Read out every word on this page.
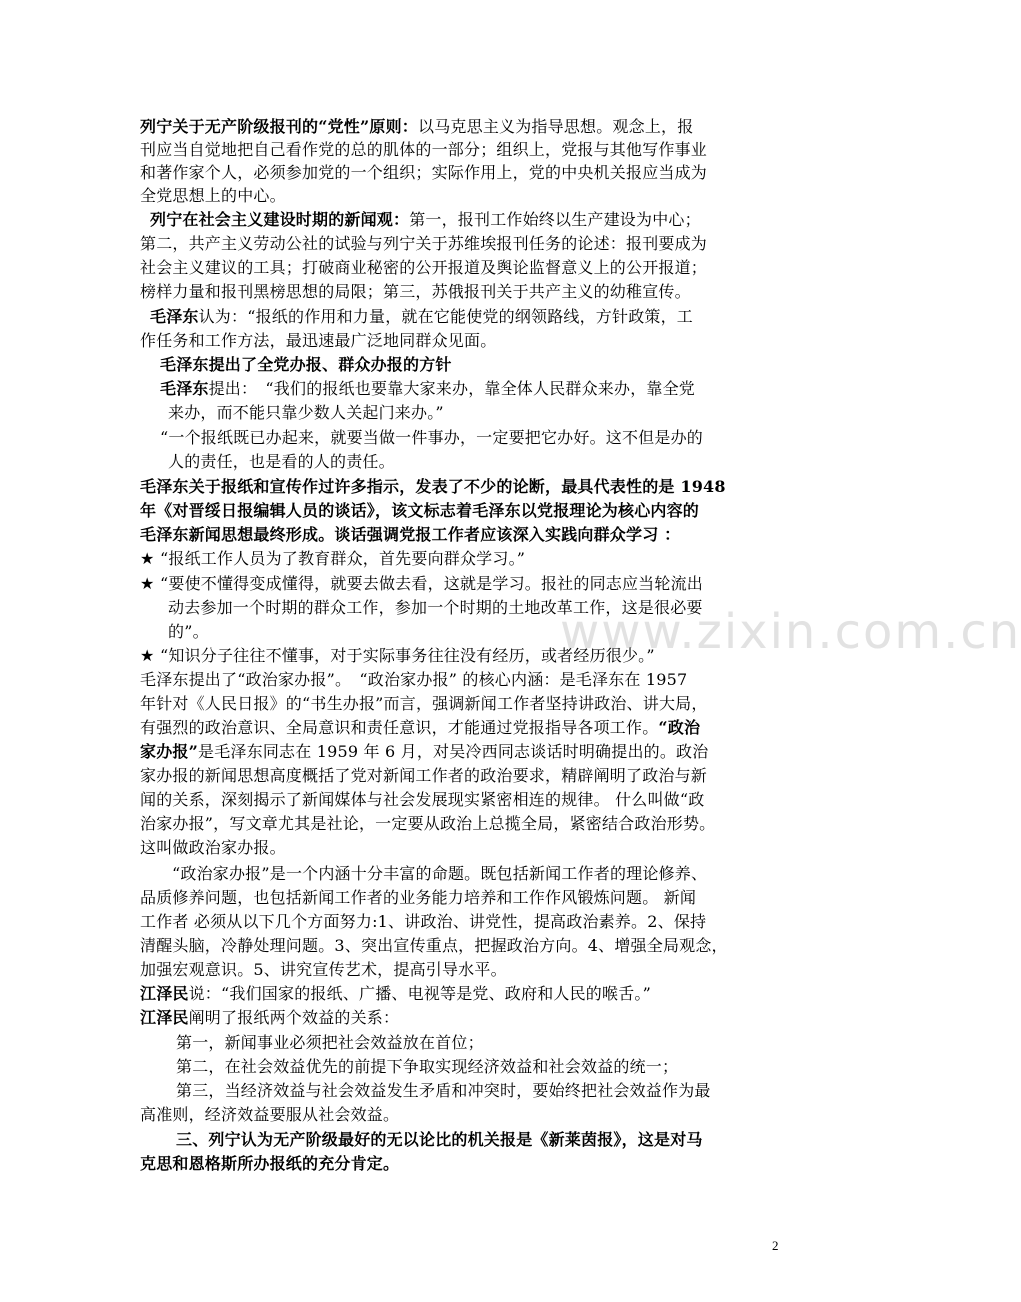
www.zixin.com.cn
列宁关于无产阶级报刊的“党性”原则：以马克思主义为指导思想。观念上，报
刊应当自觉地把自己看作党的总的肌体的一部分；组织上，党报与其他写作事业
和著作家个人，必须参加党的一个组织；实际作用上，党的中央机关报应当成为
全党思想上的中心。
列宁在社会主义建设时期的新闻观：第一，报刊工作始终以生产建设为中心；
第二，共产主义劳动公社的试验与列宁关于苏维埃报刊任务的论述：报刊要成为
社会主义建议的工具；打破商业秘密的公开报道及舆论监督意义上的公开报道；
榜样力量和报刊黑榜思想的局限；第三，苏俄报刊关于共产主义的幼稚宣传。
毛泽东认为：“报纸的作用和力量，就在它能使党的纲领路线，方针政策，工
作任务和工作方法，最迅速最广泛地同群众见面。
毛泽东提出了全党办报、群众办报的方针
毛泽东提出：　“我们的报纸也要靠大家来办，靠全体人民群众来办，靠全党
来办，而不能只靠少数人关起门来办。”
“一个报纸既已办起来，就要当做一件事办，一定要把它办好。这不但是办的
人的责任，也是看的人的责任。
毛泽东关于报纸和宣传作过许多指示，发表了不少的论断，最具代表性的是 1948
年《对晋绥日报编辑人员的谈话》，该文标志着毛泽东以党报理论为核心内容的
毛泽东新闻思想最终形成。谈话强调党报工作者应该深入实践向群众学习 ：
★ “报纸工作人员为了教育群众，首先要向群众学习。”
★ “要使不懂得变成懂得，就要去做去看，这就是学习。报社的同志应当轮流出
动去参加一个时期的群众工作，参加一个时期的土地改革工作，这是很必要
的”。
★ “知识分子往往不懂事，对于实际事务往往没有经历，或者经历很少。”
毛泽东提出了“政治家办报”。　“政治家办报” 的核心内涵：是毛泽东在 1957
年针对《人民日报》的“书生办报”而言，强调新闻工作者坚持讲政治、讲大局，
有强烈的政治意识、全局意识和责任意识，才能通过党报指导各项工作。“政治
家办报”是毛泽东同志在 1959 年 6 月，对吴冷西同志谈话时明确提出的。政治
家办报的新闻思想高度概括了党对新闻工作者的政治要求，精辟阐明了政治与新
闻的关系，深刻揭示了新闻媒体与社会发展现实紧密相连的规律。 什么叫做“政
治家办报”，写文章尤其是社论，一定要从政治上总揽全局，紧密结合政治形势。
这叫做政治家办报。
“政治家办报”是一个内涵十分丰富的命题。既包括新闻工作者的理论修养、
品质修养问题，也包括新闻工作者的业务能力培养和工作作风锻炼问题。 新闻
工作者 必须从以下几个方面努力:1、讲政治、讲党性，提高政治素养。2、保持
清醒头脑，冷静处理问题。3、突出宣传重点，把握政治方向。4、增强全局观念，
加强宏观意识。5、讲究宣传艺术，提高引导水平。
江泽民说：“我们国家的报纸、广播、电视等是党、政府和人民的喉舌。”
江泽民阐明了报纸两个效益的关系：
第一，新闻事业必须把社会效益放在首位；
第二，在社会效益优先的前提下争取实现经济效益和社会效益的统一；
第三，当经济效益与社会效益发生矛盾和冲突时，要始终把社会效益作为最
高准则，经济效益要服从社会效益。
三、列宁认为无产阶级最好的无以论比的机关报是《新莱茵报》，这是对马
克思和恩格斯所办报纸的充分肯定。
2
